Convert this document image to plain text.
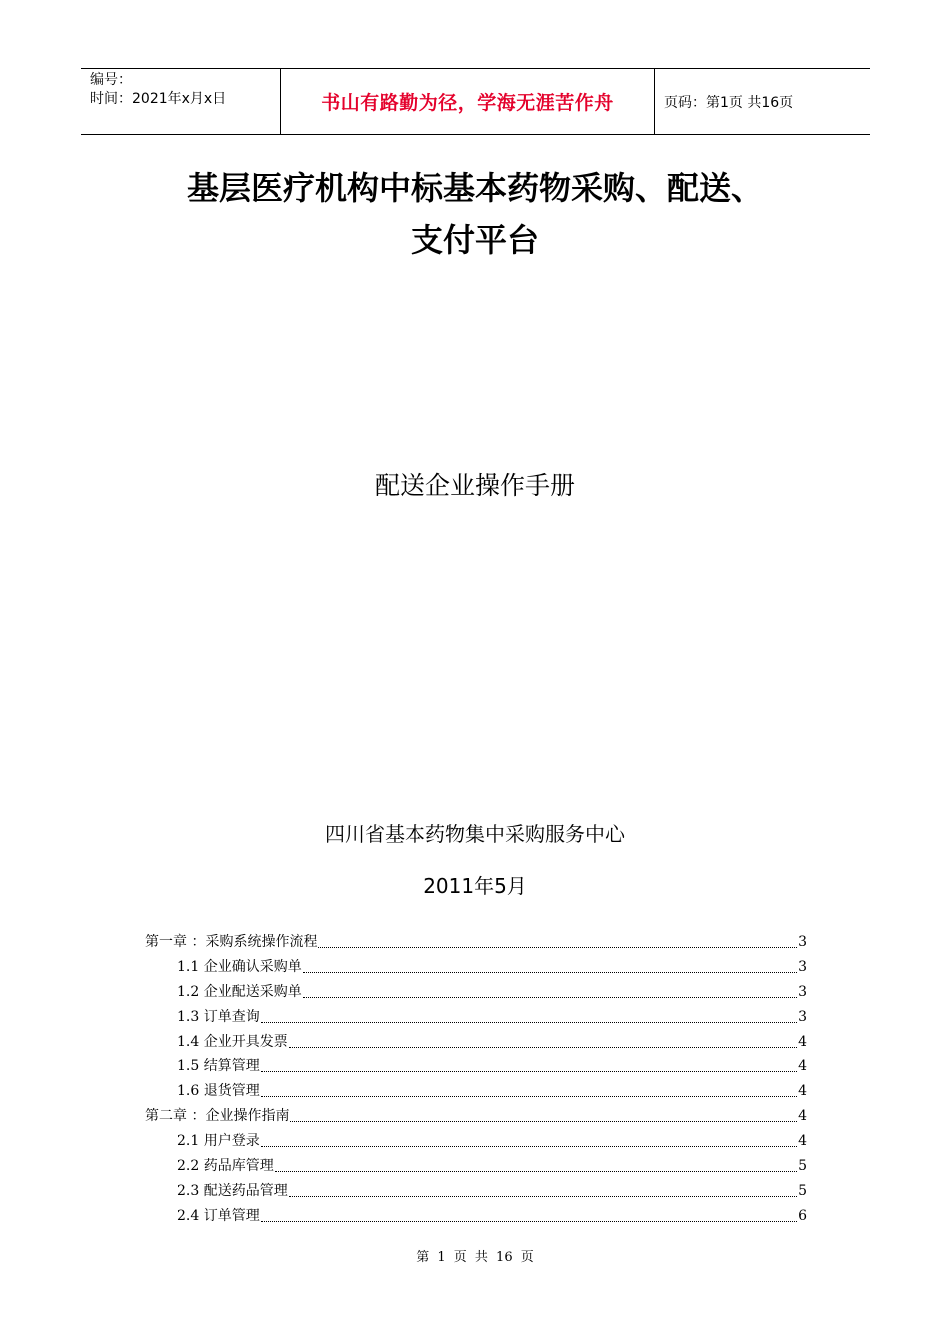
编号：
时间：2021年x月x日	书山有路勤为径，学海无涯苦作舟	页码：第1页 共16页
基层医疗机构中标基本药物采购、配送、
支付平台
配送企业操作手册
四川省基本药物集中采购服务中心
2011年5月
第一章 ：采购系统操作流程	3
1.1 企业确认采购单	3
1.2 企业配送采购单	3
1.3 订单查询	3
1.4 企业开具发票	4
1.5 结算管理	4
1.6 退货管理	4
第二章 ：企业操作指南	4
2.1 用户登录	4
2.2 药品库管理	5
2.3 配送药品管理	5
2.4 订单管理	6
第 1 页 共 16 页
